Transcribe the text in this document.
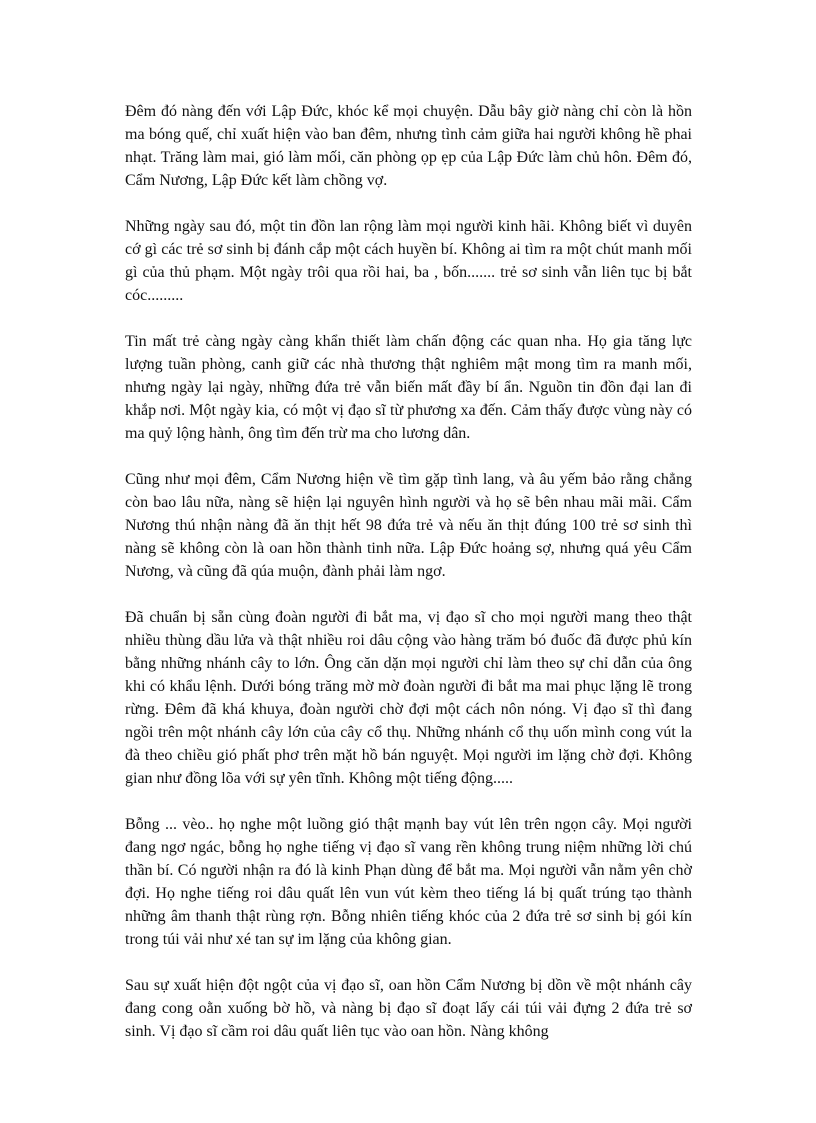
Đêm đó nàng đến với Lập Đức, khóc kể mọi chuyện. Dẫu bây giờ nàng chỉ còn là hồn ma bóng quế, chỉ xuất hiện vào ban đêm, nhưng tình cảm giữa hai người không hề phai nhạt. Trăng làm mai, gió làm mối, căn phòng ọp ẹp của Lập Đức làm chủ hôn. Đêm đó, Cẩm Nương, Lập Đức kết làm chồng vợ.

Những ngày sau đó, một tin đồn lan rộng làm mọi người kinh hãi. Không biết vì duyên cớ gì các trẻ sơ sinh bị đánh cắp một cách huyền bí. Không ai tìm ra một chút manh mối gì của thủ phạm. Một ngày trôi qua rồi hai, ba , bốn....... trẻ sơ sinh vẫn liên tục bị bắt cóc.........

Tin mất trẻ càng ngày càng khẩn thiết làm chấn động các quan nha. Họ gia tăng lực lượng tuần phòng, canh giữ các nhà thương thật nghiêm mật mong tìm ra manh mối, nhưng ngày lại ngày, những đứa trẻ vẫn biến mất đầy bí ẩn. Nguồn tin đồn đại lan đi khắp nơi. Một ngày kia, có một vị đạo sĩ từ phương xa đến. Cảm thấy được vùng này có ma quỷ lộng hành, ông tìm đến trừ ma cho lương dân.

Cũng như mọi đêm, Cẩm Nương hiện về tìm gặp tình lang, và âu yếm bảo rằng chẳng còn bao lâu nữa, nàng sẽ hiện lại nguyên hình người và họ sẽ bên nhau mãi mãi. Cẩm Nương thú nhận nàng đã ăn thịt hết 98 đứa trẻ và nếu ăn thịt đúng 100 trẻ sơ sinh thì nàng sẽ không còn là oan hồn thành tinh nữa. Lập Đức hoảng sợ, nhưng quá yêu Cẩm Nương, và cũng đã qúa muộn, đành phải làm ngơ.

Đã chuẩn bị sẵn cùng đoàn người đi bắt ma, vị đạo sĩ cho mọi người mang theo thật nhiều thùng dầu lửa và thật nhiều roi dâu cộng vào hàng trăm bó đuốc đã được phủ kín bằng những nhánh cây to lớn. Ông căn dặn mọi người chỉ làm theo sự chỉ dẫn của ông khi có khẩu lệnh. Dưới bóng trăng mờ mờ đoàn người đi bắt ma mai phục lặng lẽ trong rừng. Đêm đã khá khuya, đoàn người chờ đợi một cách nôn nóng. Vị đạo sĩ thì đang ngồi trên một nhánh cây lớn của cây cổ thụ. Những nhánh cổ thụ uốn mình cong vút la đà theo chiều gió phất phơ trên mặt hồ bán nguyệt. Mọi người im lặng chờ đợi. Không gian như đồng lõa với sự yên tĩnh. Không một tiếng động.....

Bỗng ... vèo.. họ nghe một luồng gió thật mạnh bay vút lên trên ngọn cây. Mọi người đang ngơ ngác, bỗng họ nghe tiếng vị đạo sĩ vang rền không trung niệm những lời chú thần bí. Có người nhận ra đó là kinh Phạn dùng để bắt ma. Mọi người vẫn nằm yên chờ đợi. Họ nghe tiếng roi dâu quất lên vun vút kèm theo tiếng lá bị quất trúng tạo thành những âm thanh thật rùng rợn. Bỗng nhiên tiếng khóc của 2 đứa trẻ sơ sinh bị gói kín trong túi vải như xé tan sự im lặng của không gian.

Sau sự xuất hiện đột ngột của vị đạo sĩ, oan hồn Cẩm Nương bị dồn về một nhánh cây đang cong oằn xuống bờ hồ, và nàng bị đạo sĩ đoạt lấy cái túi vải đựng 2 đứa trẻ sơ sinh. Vị đạo sĩ cầm roi dâu quất liên tục vào oan hồn. Nàng không
